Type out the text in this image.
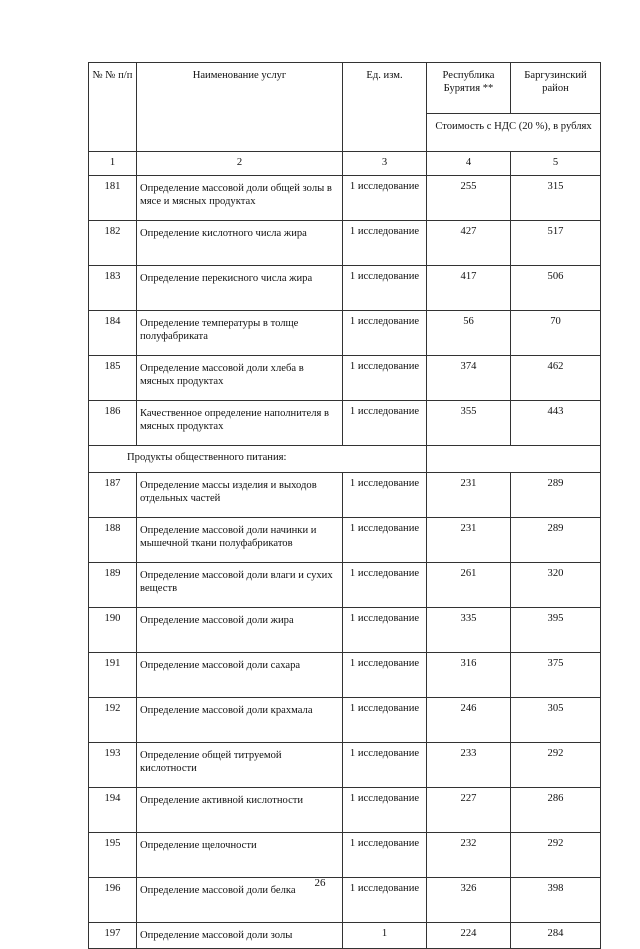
№ № п/п	Наименование услуг	Ед. изм.	Республика Бурятия **	Баргузинский район
			Стоимость с НДС (20 %), в рублях	
1	2	3	4	5
181	Определение массовой доли общей золы в мясе и мясных продуктах	1 исследование	255	315
182	Определение кислотного числа жира	1 исследование	427	517
183	Определение перекисного числа жира	1 исследование	417	506
184	Определение температуры в толще полуфабриката	1 исследование	56	70
185	Определение массовой доли хлеба в мясных продуктах	1 исследование	374	462
186	Качественное определение наполнителя в мясных продуктах	1 исследование	355	443
Продукты общественного питания:				
187	Определение массы изделия и выходов отдельных частей	1 исследование	231	289
188	Определение массовой доли начинки и мышечной ткани полуфабрикатов	1 исследование	231	289
189	Определение массовой доли влаги и сухих веществ	1 исследование	261	320
190	Определение массовой доли жира	1 исследование	335	395
191	Определение массовой доли сахара	1 исследование	316	375
192	Определение массовой доли крахмала	1 исследование	246	305
193	Определение общей титруемой кислотности	1 исследование	233	292
194	Определение активной кислотности	1 исследование	227	286
195	Определение щелочности	1 исследование	232	292
196	Определение массовой доли белка	1 исследование	326	398
197	Определение массовой доли золы	1	224	284
26
